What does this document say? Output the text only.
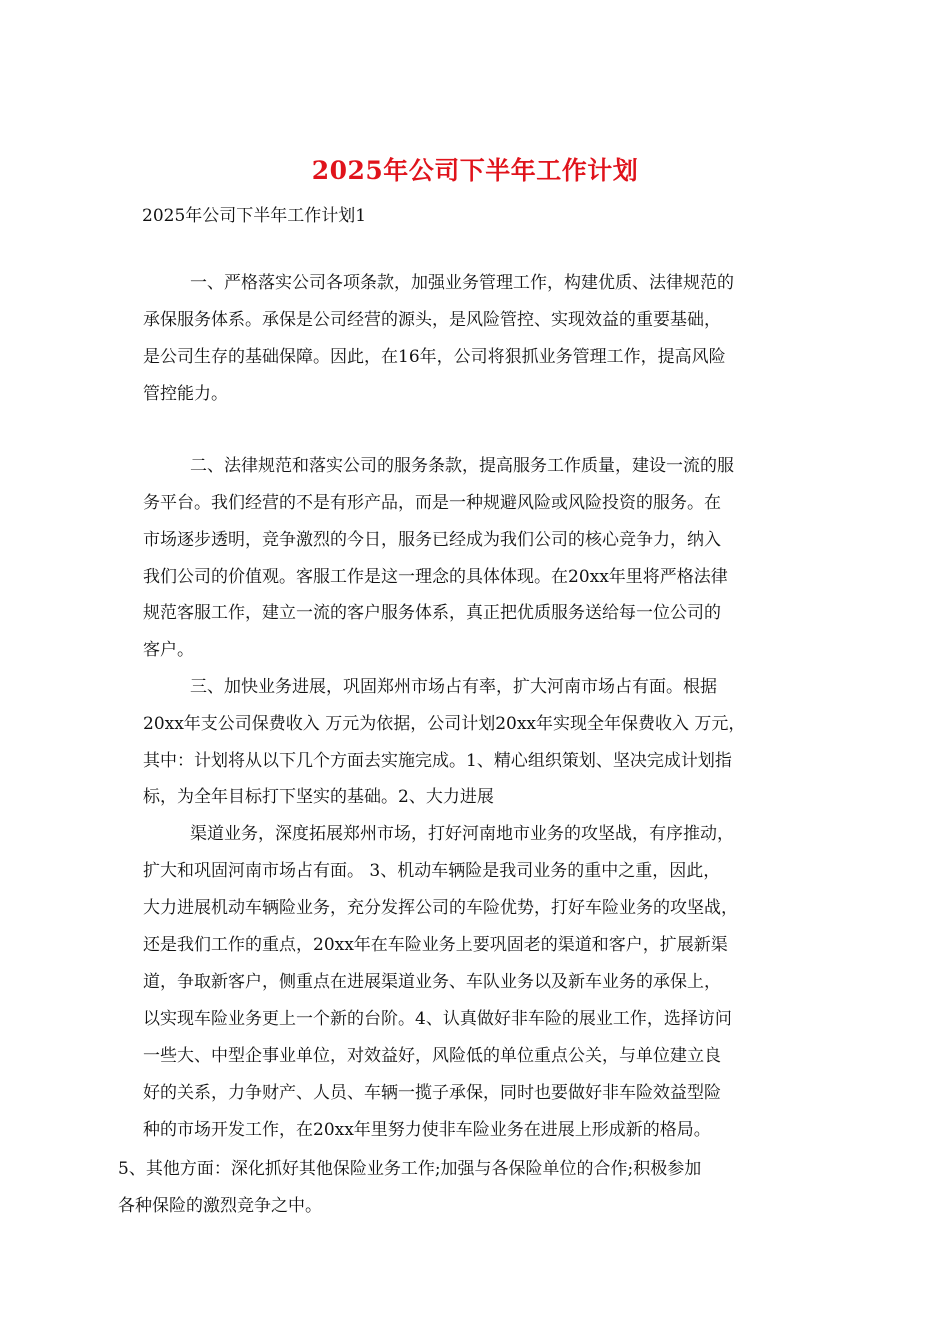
2025年公司下半年工作计划
2025年公司下半年工作计划1
一、严格落实公司各项条款，加强业务管理工作，构建优质、法律规范的
承保服务体系。承保是公司经营的源头，是风险管控、实现效益的重要基础，
是公司生存的基础保障。因此，在16年，公司将狠抓业务管理工作，提高风险
管控能力。
二、法律规范和落实公司的服务条款，提高服务工作质量，建设一流的服
务平台。我们经营的不是有形产品，而是一种规避风险或风险投资的服务。在
市场逐步透明，竞争激烈的今日，服务已经成为我们公司的核心竞争力，纳入
我们公司的价值观。客服工作是这一理念的具体体现。在20xx年里将严格法律
规范客服工作，建立一流的客户服务体系，真正把优质服务送给每一位公司的
客户。
三、加快业务进展，巩固郑州市场占有率，扩大河南市场占有面。根据
20xx年支公司保费收入 万元为依据，公司计划20xx年实现全年保费收入 万元，
其中：计划将从以下几个方面去实施完成。1、精心组织策划、坚决完成计划指
标，为全年目标打下坚实的基础。2、大力进展
渠道业务，深度拓展郑州市场，打好河南地市业务的攻坚战，有序推动，
扩大和巩固河南市场占有面。 3、机动车辆险是我司业务的重中之重，因此，
大力进展机动车辆险业务，充分发挥公司的车险优势，打好车险业务的攻坚战，
还是我们工作的重点，20xx年在车险业务上要巩固老的渠道和客户，扩展新渠
道，争取新客户，侧重点在进展渠道业务、车队业务以及新车业务的承保上，
以实现车险业务更上一个新的台阶。4、认真做好非车险的展业工作，选择访问
一些大、中型企事业单位，对效益好，风险低的单位重点公关，与单位建立良
好的关系，力争财产、人员、车辆一揽子承保，同时也要做好非车险效益型险
种的市场开发工作，在20xx年里努力使非车险业务在进展上形成新的格局。
5、其他方面：深化抓好其他保险业务工作;加强与各保险单位的合作;积极参加
各种保险的激烈竞争之中。
